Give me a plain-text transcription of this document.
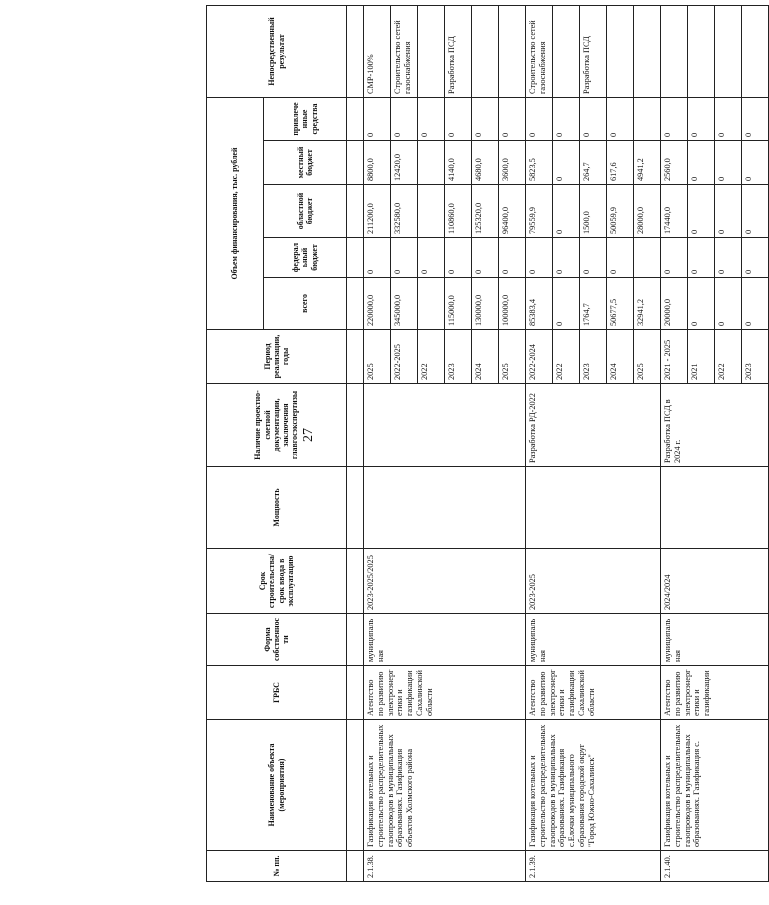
27
№ пп.	Наименование объекта (мероприятия)	ГРБС	Форма собственности	Срок строительства/срок ввода в эксплуатацию	Мощность	Наличие проектно-сметной документации, заключения главгосэкспертизы	Период реализации, годы	Объем финансирования, тыс. рублей					Непосредственный результат
								всего	федеральный бюджет	областной бюджет	местный бюджет	привлеченные средства	

2.1.38.	Газификация котельных и строительство распределительных газопроводов в муниципальных образованиях. Газификация объектов Холмского района	Агентство по развитию электроэнергетики и газификации Сахалинской области	муниципальная	2023-2025/2025			2025	220000,0	0	211200,0	8800,0	0	СМР-100%
							2022-2025	345000,0	0	332580,0	12420,0	0	Строительство сетей газоснабжения
							2022		0			0	
							2023	115000,0	0	110860,0	4140,0	0	Разработка ПСД
							2024	130000,0	0	125320,0	4680,0	0	
							2025	100000,0	0	96400,0	3600,0	0	
2.1.39.	Газификация котельных и строительство распределительных газопроводов в муниципальных образованиях. Газификация с.Елочки муниципального образования городской округ "Город Южно-Сахалинск"	Агентство по развитию электроэнергетики и газификации Сахалинской области	муниципальная	2023-2025		Разработка РД-2022	2022-2024	85383,4	0	79559,9	5823,5	0	Строительство сетей газоснабжения
							2022	0	0	0	0	0	
							2023	1764,7	0	1500,0	264,7	0	Разработка ПСД
							2024	50677,5	0	50059,9	617,6	0	
							2025	32941,2		28000,0	4941,2		
2.1.40.	Газификация котельных и строительство распределительных газопроводов в муниципальных образованиях. Газификация с.	Агентство по развитию электроэнергетики и газификации	муниципальная	2024/2024		Разработка ПСД в 2024 г.	2021 - 2025	20000,0	0	17440,0	2560,0	0	
							2021	0	0	0	0	0	
							2022	0	0	0	0	0	
							2023	0	0	0	0	0	
